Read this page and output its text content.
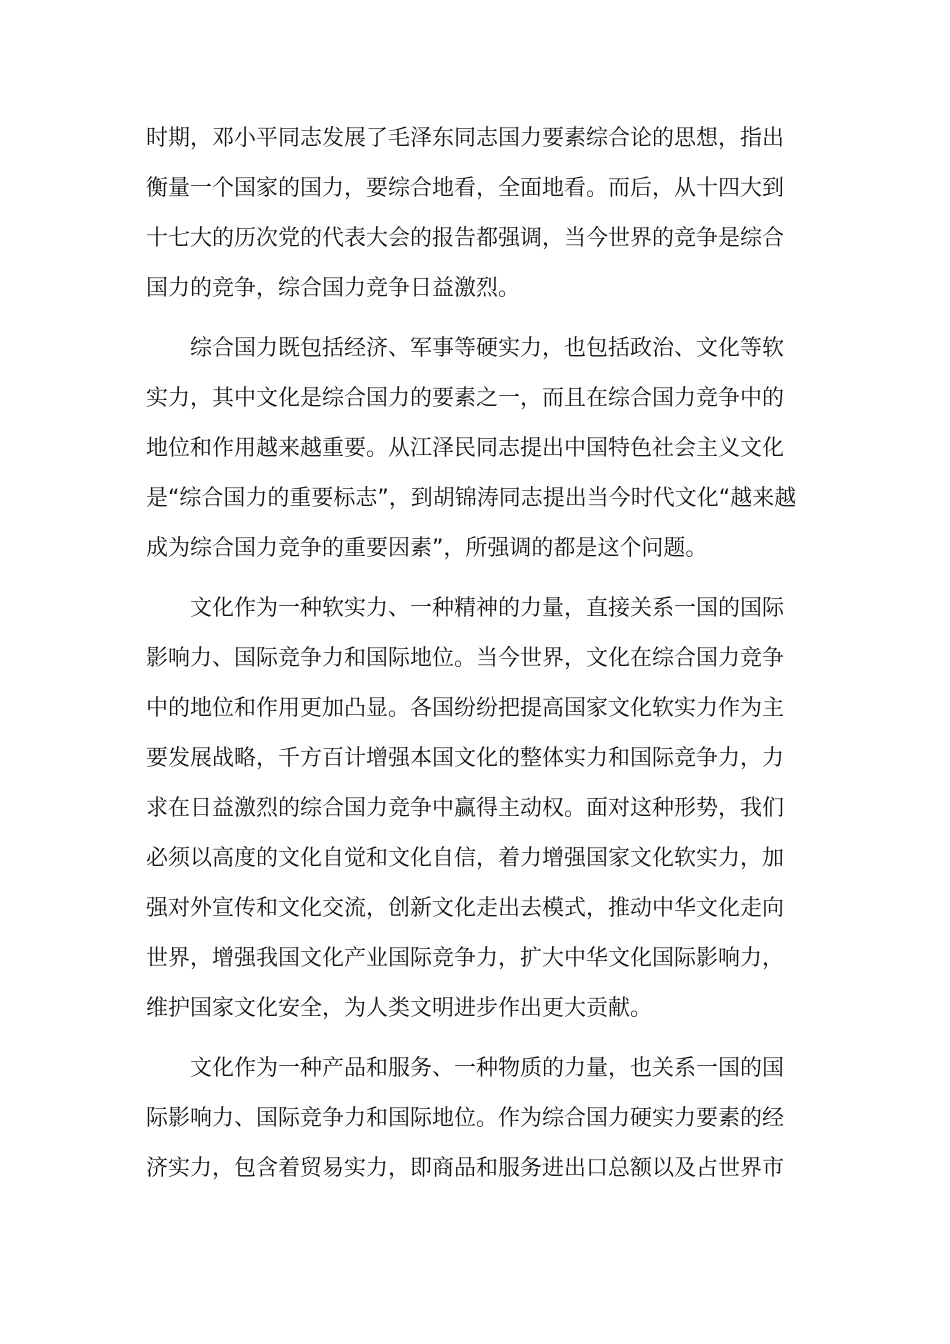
时期，邓小平同志发展了毛泽东同志国力要素综合论的思想，指出
衡量一个国家的国力，要综合地看，全面地看。而后，从十四大到
十七大的历次党的代表大会的报告都强调，当今世界的竞争是综合
国力的竞争，综合国力竞争日益激烈。

综合国力既包括经济、军事等硬实力，也包括政治、文化等软
实力，其中文化是综合国力的要素之一，而且在综合国力竞争中的
地位和作用越来越重要。从江泽民同志提出中国特色社会主义文化
是“综合国力的重要标志”，到胡锦涛同志提出当今时代文化“越来越
成为综合国力竞争的重要因素”，所强调的都是这个问题。

文化作为一种软实力、一种精神的力量，直接关系一国的国际
影响力、国际竞争力和国际地位。当今世界，文化在综合国力竞争
中的地位和作用更加凸显。各国纷纷把提高国家文化软实力作为主
要发展战略，千方百计增强本国文化的整体实力和国际竞争力，力
求在日益激烈的综合国力竞争中赢得主动权。面对这种形势，我们
必须以高度的文化自觉和文化自信，着力增强国家文化软实力，加
强对外宣传和文化交流，创新文化走出去模式，推动中华文化走向
世界，增强我国文化产业国际竞争力，扩大中华文化国际影响力，
维护国家文化安全，为人类文明进步作出更大贡献。

文化作为一种产品和服务、一种物质的力量，也关系一国的国
际影响力、国际竞争力和国际地位。作为综合国力硬实力要素的经
济实力，包含着贸易实力，即商品和服务进出口总额以及占世界市
